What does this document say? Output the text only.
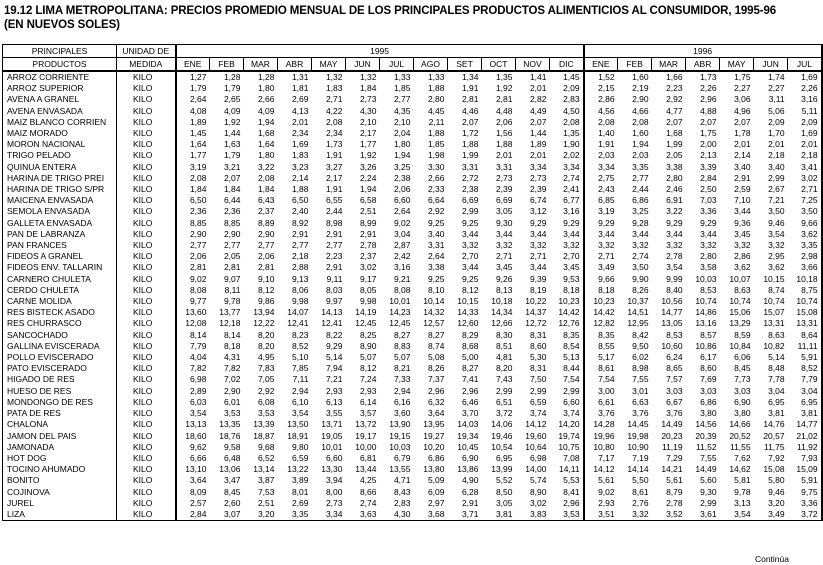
19.12 LIMA METROPOLITANA: PRECIOS PROMEDIO MENSUAL DE LOS PRINCIPALES PRODUCTOS ALIMENTICIOS AL CONSUMIDOR, 1995-96
(EN NUEVOS SOLES)
PRINCIPALES	UNIDAD DE	1995												1996						
PRODUCTOS	MEDIDA	ENE	FEB	MAR	ABR	MAY	JUN	JUL	AGO	SET	OCT	NOV	DIC	ENE	FEB	MAR	ABR	MAY	JUN	JUL
ARROZ CORRIENTE	KILO	1,27	1,28	1,28	1,31	1,32	1,32	1,33	1,33	1,34	1,35	1,41	1,45	1,52	1,60	1,66	1,73	1,75	1,74	1,69
ARROZ SUPERIOR	KILO	1,79	1,79	1,80	1,81	1,83	1,84	1,85	1,88	1,91	1,92	2,01	2,09	2,15	2,19	2,23	2,26	2,27	2,27	2,26
AVENA A GRANEL	KILO	2,64	2,65	2,66	2,69	2,71	2,73	2,77	2,80	2,81	2,81	2,82	2,83	2,86	2,90	2,92	2,96	3,06	3,11	3,16
AVENA ENVASADA	KILO	4,08	4,09	4,09	4,13	4,22	4,30	4,35	4,45	4,46	4,48	4,49	4,50	4,56	4,66	4,77	4,88	4,96	5,06	5,11
MAIZ BLANCO CORRIEN	KILO	1,89	1,92	1,94	2,01	2,08	2,10	2,10	2,11	2,07	2,06	2,07	2,08	2,08	2,08	2,07	2,07	2,07	2,09	2,09
MAIZ MORADO	KILO	1,45	1,44	1,68	2,34	2,34	2,17	2,04	1,88	1,72	1,56	1,44	1,35	1,40	1,60	1,68	1,75	1,78	1,70	1,69
MORON NACIONAL	KILO	1,64	1,63	1,64	1,69	1,73	1,77	1,80	1,85	1,88	1,88	1,89	1,90	1,91	1,94	1,99	2,00	2,01	2,01	2,01
TRIGO PELADO	KILO	1,77	1,79	1,80	1,83	1,91	1,92	1,94	1,98	1,99	2,01	2,01	2,02	2,03	2,03	2,05	2,13	2,14	2,18	2,18
QUINUA ENTERA	KILO	3,19	3,21	3,22	3,23	3,27	3,26	3,25	3,30	3,31	3,31	3,34	3,34	3,34	3,35	3,38	3,39	3,40	3,40	3,41
HARINA DE TRIGO PREI	KILO	2,08	2,07	2,08	2,14	2,17	2,24	2,38	2,66	2,72	2,73	2,73	2,74	2,75	2,77	2,80	2,84	2,91	2,99	3,02
HARINA DE TRIGO S/PR	KILO	1,84	1,84	1,84	1,88	1,91	1,94	2,06	2,33	2,38	2,39	2,39	2,41	2,43	2,44	2,46	2,50	2,59	2,67	2,71
MAICENA ENVASADA	KILO	6,50	6,44	6,43	6,50	6,55	6,58	6,60	6,64	6,69	6,69	6,74	6,77	6,85	6,86	6,91	7,03	7,10	7,21	7,25
SEMOLA ENVASADA	KILO	2,36	2,36	2,37	2,40	2,44	2,51	2,64	2,92	2,99	3,05	3,12	3,16	3,19	3,25	3,22	3,36	3,44	3,50	3,50
GALLETA ENVASADA	KILO	8,85	8,85	8,89	8,92	8,98	8,99	9,02	9,25	9,25	9,30	9,29	9,29	9,29	9,28	9,29	9,29	9,36	9,46	9,66
PAN DE LABRANZA	KILO	2,90	2,90	2,90	2,91	2,91	2,91	3,04	3,40	3,44	3,44	3,44	3,44	3,44	3,44	3,44	3,44	3,45	3,54	3,62
PAN FRANCES	KILO	2,77	2,77	2,77	2,77	2,77	2,78	2,87	3,31	3,32	3,32	3,32	3,32	3,32	3,32	3,32	3,32	3,32	3,32	3,35
FIDEOS A GRANEL	KILO	2,06	2,05	2,06	2,18	2,23	2,37	2,42	2,64	2,70	2,71	2,71	2,70	2,71	2,74	2,78	2,80	2,86	2,95	2,98
FIDEOS ENV. TALLARIN	KILO	2,81	2,81	2,81	2,88	2,91	3,02	3,16	3,38	3,44	3,45	3,44	3,45	3,49	3,50	3,54	3,58	3,62	3,62	3,66
CARNERO CHULETA	KILO	9,02	9,07	9,10	9,13	9,11	9,17	9,21	9,25	9,25	9,26	9,39	9,53	9,66	9,90	9,99	10,03	10,07	10,15	10,18
CERDO CHULETA	KILO	8,08	8,11	8,12	8,06	8,03	8,05	8,08	8,10	8,12	8,13	8,19	8,18	8,18	8,26	8,40	8,53	8,63	8,74	8,75
CARNE MOLIDA	KILO	9,77	9,78	9,86	9,98	9,97	9,98	10,01	10,14	10,15	10,18	10,22	10,23	10,23	10,37	10,56	10,74	10,74	10,74	10,74
RES BISTECK ASADO	KILO	13,60	13,77	13,94	14,07	14,13	14,19	14,23	14,32	14,33	14,34	14,37	14,42	14,42	14,51	14,77	14,86	15,06	15,07	15,08
RES CHURRASCO	KILO	12,08	12,18	12,22	12,41	12,41	12,45	12,45	12,57	12,60	12,66	12,72	12,76	12,82	12,95	13,05	13,16	13,29	13,31	13,31
SANCOCHADO	KILO	8,14	8,14	8,20	8,23	8,22	8,25	8,27	8,27	8,29	8,30	8,31	8,35	8,35	8,42	8,53	8,57	8,59	8,63	8,64
GALLINA EVISCERADA	KILO	7,79	8,18	8,20	8,52	9,29	8,90	8,83	8,74	8,68	8,51	8,60	8,54	8,55	9,50	10,60	10,86	10,84	10,82	11,11
POLLO EVISCERADO	KILO	4,04	4,31	4,95	5,10	5,14	5,07	5,07	5,08	5,00	4,81	5,30	5,13	5,17	6,02	6,24	6,17	6,06	5,14	5,91
PATO EVISCERADO	KILO	7,82	7,82	7,83	7,85	7,94	8,12	8,21	8,26	8,27	8,20	8,31	8,44	8,61	8,98	8,65	8,60	8,45	8,48	8,52
HIGADO DE RES	KILO	6,98	7,02	7,05	7,11	7,21	7,24	7,33	7,37	7,41	7,43	7,50	7,54	7,54	7,55	7,57	7,69	7,73	7,78	7,79
HUESO DE RES	KILO	2,89	2,90	2,92	2,94	2,93	2,93	2,94	2,96	2,96	2,99	2,99	2,99	3,00	3,01	3,03	3,03	3,03	3,04	3,04
MONDONGO DE RES	KILO	6,03	6,01	6,08	6,10	6,13	6,14	6,16	6,32	6,46	6,51	6,59	6,60	6,61	6,63	6,67	6,86	6,90	6,95	6,95
PATA DE RES	KILO	3,54	3,53	3,53	3,54	3,55	3,57	3,60	3,64	3,70	3,72	3,74	3,74	3,76	3,76	3,76	3,80	3,80	3,81	3,81
CHALONA	KILO	13,13	13,35	13,39	13,50	13,71	13,72	13,90	13,95	14,03	14,06	14,12	14,20	14,28	14,45	14,49	14,56	14,66	14,76	14,77
JAMON DEL PAIS	KILO	18,60	18,76	18,87	18,91	19,05	19,17	19,15	19,27	19,34	19,46	19,60	19,74	19,96	19,98	20,23	20,39	20,52	20,57	21,02
JAMONADA	KILO	9,62	9,58	9,68	9,80	10,01	10,00	10,03	10,20	10,45	10,54	10,64	10,75	10,80	10,90	11,19	11,52	11,55	11,75	11,92
HOT DOG	KILO	6,66	6,48	6,52	6,59	6,60	6,81	6,79	6,86	6,90	6,95	6,98	7,08	7,17	7,19	7,29	7,55	7,62	7,92	7,93
TOCINO AHUMADO	KILO	13,10	13,06	13,14	13,22	13,30	13,44	13,55	13,80	13,86	13,99	14,00	14,11	14,12	14,14	14,21	14,49	14,62	15,08	15,09
BONITO	KILO	3,64	3,47	3,87	3,89	3,94	4,25	4,71	5,09	4,90	5,52	5,74	5,53	5,61	5,50	5,61	5,60	5,81	5,80	5,91
COJINOVA	KILO	8,09	8,45	7,53	8,01	8,00	8,66	8,43	6,09	6,28	8,50	8,90	8,41	9,02	8,61	8,79	9,30	9,78	9,46	9,75
JUREL	KILO	2,57	2,60	2,51	2,69	2,73	2,74	2,83	2,97	2,91	3,05	3,02	2,96	2,93	2,76	2,78	2,99	3,13	3,20	3,36
LIZA	KILO	2,84	3,07	3,20	3,35	3,34	3,63	4,30	3,68	3,71	3,81	3,83	3,53	3,51	3,32	3,52	3,61	3,54	3,49	3,72
Continúa
